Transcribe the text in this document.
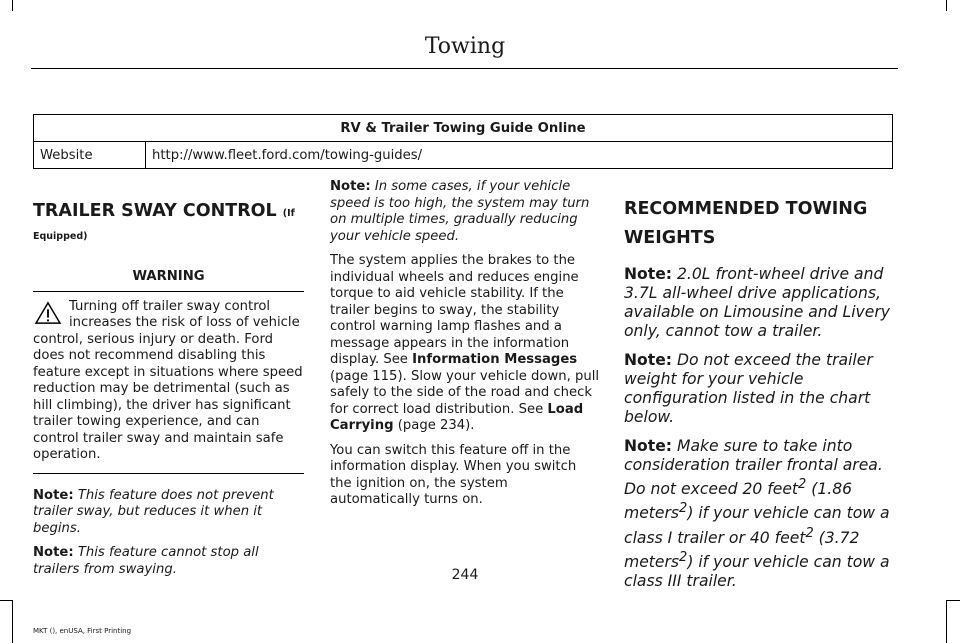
Towing
RV & Trailer Towing Guide Online
Website	http://www.fleet.ford.com/towing-guides/
TRAILER SWAY CONTROL (If Equipped)
WARNING
Turning off trailer sway control increases the risk of loss of vehicle control, serious injury or death. Ford does not recommend disabling this feature except in situations where speed reduction may be detrimental (such as hill climbing), the driver has significant trailer towing experience, and can control trailer sway and maintain safe operation.

Note: This feature does not prevent trailer sway, but reduces it when it begins.

Note: This feature cannot stop all trailers from swaying.

Note: In some cases, if your vehicle speed is too high, the system may turn on multiple times, gradually reducing your vehicle speed.

The system applies the brakes to the individual wheels and reduces engine torque to aid vehicle stability. If the trailer begins to sway, the stability control warning lamp flashes and a message appears in the information display. See Information Messages (page 115). Slow your vehicle down, pull safely to the side of the road and check for correct load distribution. See Load Carrying (page 234).

You can switch this feature off in the information display. When you switch the ignition on, the system automatically turns on.

RECOMMENDED TOWING WEIGHTS

Note: 2.0L front-wheel drive and 3.7L all-wheel drive applications, available on Limousine and Livery only, cannot tow a trailer.

Note: Do not exceed the trailer weight for your vehicle configuration listed in the chart below.

Note: Make sure to take into consideration trailer frontal area. Do not exceed 20 feet$^2$ (1.86 meters$^2$) if your vehicle can tow a class I trailer or 40 feet$^2$ (3.72 meters$^2$) if your vehicle can tow a class III trailer.

244
MKT (), enUSA, First Printing
